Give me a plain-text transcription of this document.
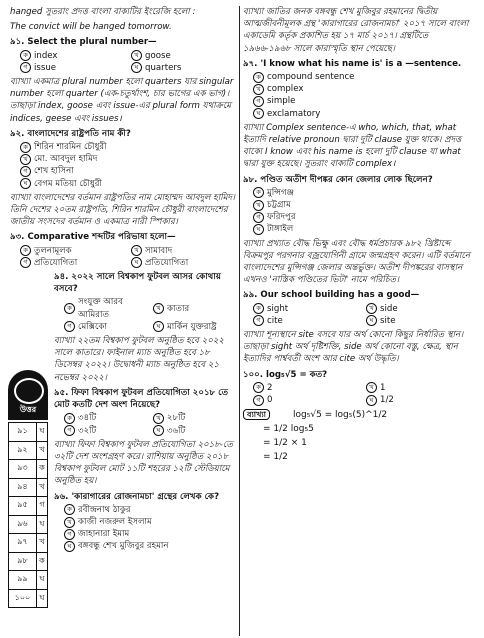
hanged সুতরাং প্রদত্ত বাংলা বাক্যটির ইংরেজি হলো :
The convict will be hanged tomorrow.
৯১. Select the plural number—
ক index	খ goose
গ issue	ঘ quarters
ব্যাখ্যা একমাত্র plural number হলো quarters যার singular number হলো quarter (এক-চতুর্থাংশ, চার ভাগের এক ভাগ)। তাছাড়া index, goose এবং issue-এর plural form যথাক্রমে indices, geese এবং issues।
৯২. বাংলাদেশের রাষ্ট্রপতি নাম কী?
ক শিরিন শারমিন চৌধুরী
খ মো. আবদুল হামিদ
গ শেখ হাসিনা
ঘ বেগম মতিয়া চৌধুরী
ব্যাখ্যা বাংলাদেশের বর্তমান রাষ্ট্রপতির নাম মোহাম্মদ আবদুল হামিদ। তিনি দেশের ২০তম রাষ্ট্রপতি, শিরিন শারমিন চৌধুরী বাংলাদেশের জাতীয় সংসদের বর্তমান ও একমাত্র নারী স্পিকার।
৯৩. Comparative শব্দটির পরিভাষা হলো—
ক তুলনামূলক	খ সামাবাদ
গ প্রতিযোগিতা	ঘ প্রতিযোগিতা
৯৪. ২০২২ সালে বিশ্বকাপ ফুটবল আসর কোথায় বসবে?
ক
সংযুক্ত আরব আমিরাত
খ কাতার
গ মেক্সিকো	ঘ মার্কিন যুক্তরাষ্ট্র
ব্যাখ্যা ২২তম বিশ্বকাপ ফুটবল অনুষ্ঠিত হবে ২০২২ সালে কাতারে। ফাইনাল ম্যাচ অনুষ্ঠিত হবে ১৮ ডিসেম্বর ২০২২। উদ্বোধনী ম্যাচ অনুষ্ঠিত হবে ২১ নভেম্বর ২০২২।
৯৫. ফিফা বিশ্বকাপ ফুটবল প্রতিযোগিতা ২০১৮ তে মোট কতটি দেশ অংশ নিয়েছে?
ক ৩৪টি	খ ২৮টি
গ ৩২টি	ঘ ৩৬টি
ব্যাখ্যা ফিফা বিশ্বকাপ ফুটবল প্রতিযোগিতা ২০১৮-তে ৩২টি দেশ অংশগ্রহণ করে। রাশিয়ায় অনুষ্ঠিত ২০১৮ বিশ্বকাপ ফুটবল মোট ১১টি শহরের ১২টি স্টেডিয়ামে অনুষ্ঠিত হয়।
৯৬. 'কারাগারের রোজনামচা' গ্রন্থের লেখক কে?
ক রবীন্দ্রনাথ ঠাকুর
খ কাজী নজরুল ইসলাম
গ জাহানারা ইমাম
ঘ বঙ্গবন্ধু শেখ মুজিবুর রহমান
উত্তর
৯১	ঘ
৯২	খ
৯৩	ক
৯৪	খ
৯৫	গ
৯৬	ঘ
৯৭	খ
৯৮	ক
৯৯	ঘ
১০০	ঘ
ব্যাখ্যা জাতির জনক বঙ্গবন্ধু শেখ মুজিবুর রহমানের দ্বিতীয় আত্মজীবনীমূলক গ্রন্থ 'কারাগারের রোজনামচা' ২০১৭ সালে বাংলা একাডেমি কর্তৃক প্রকাশিত হয় ১৭ মার্চ ২০১৭। গ্রন্থটিতে ১৯৬৬-১৯৬৮ সালে কারাস্মৃতি স্থান পেয়েছে।
৯৭. 'I know what his name is' is a —sentence.
ক compound sentence
খ complex
গ simple
ঘ exclamatory
ব্যাখ্যা Complex sentence-এ who, which, that, what ইত্যাদি relative pronoun দ্বারা দুটি clause যুক্ত থাকে। প্রদত্ত বাক্যে I know এবং his name is হলো দুটি clause যা what দ্বারা যুক্ত হয়েছে। সুতরাং বাক্যটি complex।
৯৮. পণ্ডিত অতীশ দীপঙ্কর কোন জেলার লোক ছিলেন?
ক মুন্সিগঞ্জ
খ চট্টগ্রাম
গ ফরিদপুর
ঘ টাঙ্গাইল
ব্যাখ্যা প্রখ্যাত বৌদ্ধ ভিক্ষু এবং বৌদ্ধ ধর্মপ্রচারক ৯৮২ খ্রিষ্টাব্দে বিক্রমপুর পরগনার বজ্রযোগিনী গ্রামে জন্মগ্রহণ করেন। এটি বর্তমানে বাংলাদেশের মুন্সিগঞ্জ জেলার অন্তর্ভুক্ত। অতীশ দীপঙ্করের বাসস্থান এখনও 'নাস্তিক পণ্ডিতের ভিটা' নামে পরিচিত।
৯৯. Our school building has a good—
ক sight	খ side
গ cite	ঘ site
ব্যাখ্যা শূন্যস্থানে site বসবে যার অর্থ কোনো কিছুর নির্ধারিত স্থান। তাছাড়া sight অর্থ দৃষ্টিশক্তি, side অর্থ কোনো বস্তু, ক্ষেত্র, স্থান ইত্যাদির পার্শ্ববর্তী অংশ আর cite অর্থ উদ্ধৃতি।
১০০. log₅√5 = কত?
ক 2	খ 1
গ 0	ঘ 1/2
ব্যাখ্যা	log₅√5 = log₅(5)^1/2
= 1/2 log₅5
= 1/2 × 1
= 1/2
